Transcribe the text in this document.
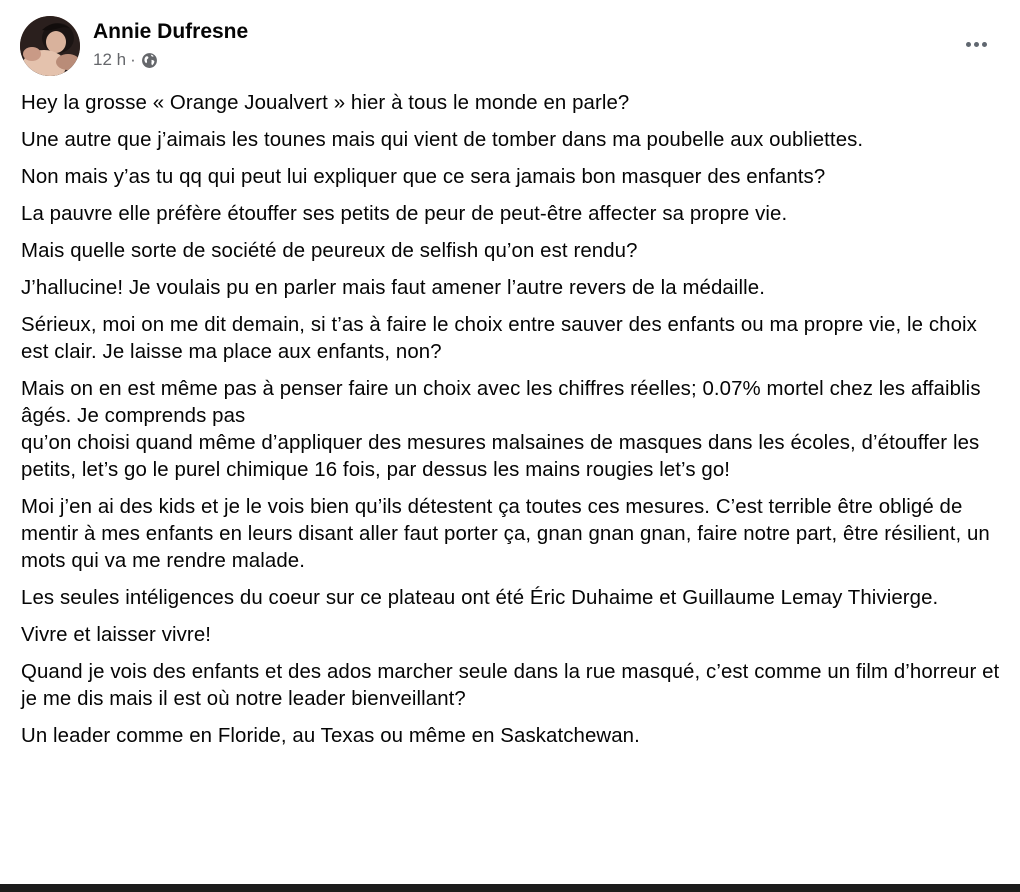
Annie Dufresne
12 h ·

Hey la grosse « Orange Joualvert » hier à tous le monde en parle?

Une autre que j’aimais les tounes mais qui vient de tomber dans ma poubelle aux oubliettes.

Non mais y’as tu qq qui peut lui expliquer que ce sera jamais bon masquer des enfants?

La pauvre elle préfère étouffer ses petits de peur de peut-être affecter sa propre vie.

Mais quelle sorte de société de peureux de selfish qu’on est rendu?

J’hallucine! Je voulais pu en parler mais faut amener l’autre revers de la médaille.

Sérieux, moi on me dit demain, si t’as à faire le choix entre sauver des enfants ou ma propre vie, le choix est clair. Je laisse ma place aux enfants, non?

Mais on en est même pas à penser faire un choix avec les chiffres réelles; 0.07% mortel chez les affaiblis âgés. Je comprends pas
qu’on choisi quand même d’appliquer des mesures malsaines de masques dans les écoles, d’étouffer les petits, let’s go le purel chimique 16 fois, par dessus les mains rougies let’s go!

Moi j’en ai des kids et je le vois bien qu’ils détestent ça toutes ces mesures. C’est terrible être obligé de mentir à mes enfants en leurs disant aller faut porter ça, gnan gnan gnan, faire notre part, être résilient, un mots qui va me rendre malade.

Les seules intéligences du coeur sur ce plateau ont été Éric Duhaime et Guillaume Lemay Thivierge.

Vivre et laisser vivre!

Quand je vois des enfants et des ados marcher seule dans la rue masqué, c’est comme un film d’horreur et je me dis mais il est où notre leader bienveillant?

Un leader comme en Floride, au Texas ou même en Saskatchewan.
